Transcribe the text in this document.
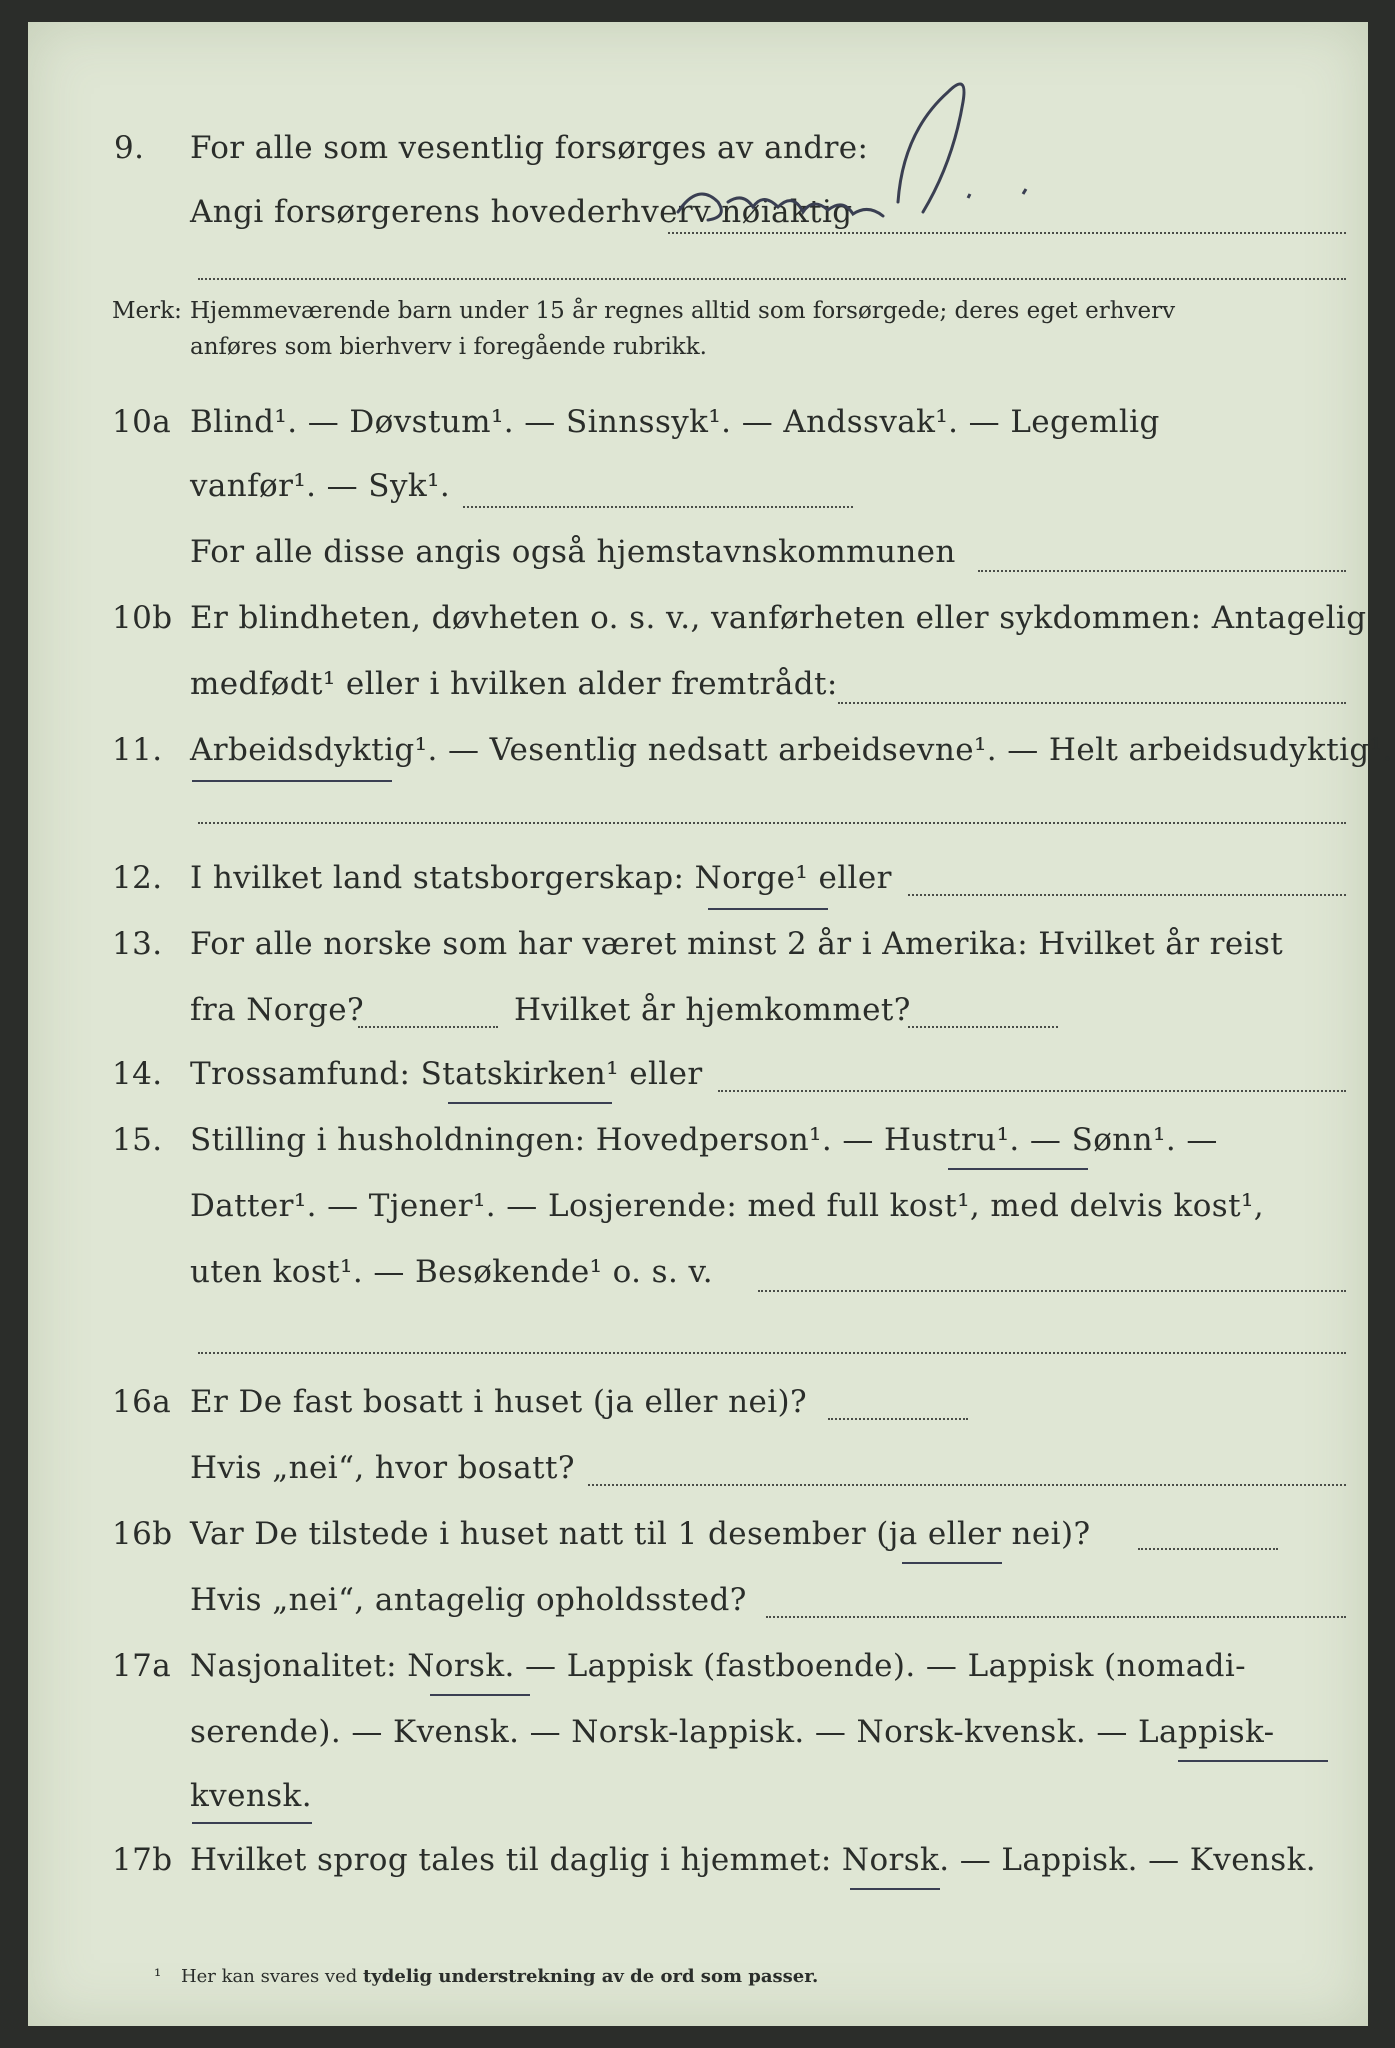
9. For alle som vesentlig forsørges av andre:
Angi forsørgerens hovederhverv nøiaktig
Merk: Hjemmeværende barn under 15 år regnes alltid som forsørgede; deres eget erhverv
anføres som bierhverv i foregående rubrikk.
10a Blind¹. — Døvstum¹. — Sinnssyk¹. — Andssvak¹. — Legemlig
vanfør¹. — Syk¹.
For alle disse angis også hjemstavnskommunen
10b Er blindheten, døvheten o. s. v., vanførheten eller sykdommen: Antagelig
medfødt¹ eller i hvilken alder fremtrådt:
11. Arbeidsdyktig¹. — Vesentlig nedsatt arbeidsevne¹. — Helt arbeidsudyktig¹.
12. I hvilket land statsborgerskap: Norge¹ eller
13. For alle norske som har været minst 2 år i Amerika: Hvilket år reist
fra Norge?	Hvilket år hjemkommet?
14. Trossamfund: Statskirken¹ eller
15. Stilling i husholdningen: Hovedperson¹. — Hustru¹. — Sønn¹. —
Datter¹. — Tjener¹. — Losjerende: med full kost¹, med delvis kost¹,
uten kost¹. — Besøkende¹ o. s. v.
16a Er De fast bosatt i huset (ja eller nei)?
Hvis „nei“, hvor bosatt?
16b Var De tilstede i huset natt til 1 desember (ja eller nei)?
Hvis „nei“, antagelig opholdssted?
17a Nasjonalitet: Norsk. — Lappisk (fastboende). — Lappisk (nomadi-
serende). — Kvensk. — Norsk-lappisk. — Norsk-kvensk. — Lappisk-
kvensk.
17b Hvilket sprog tales til daglig i hjemmet: Norsk. — Lappisk. — Kvensk.
¹ Her kan svares ved tydelig understrekning av de ord som passer.
